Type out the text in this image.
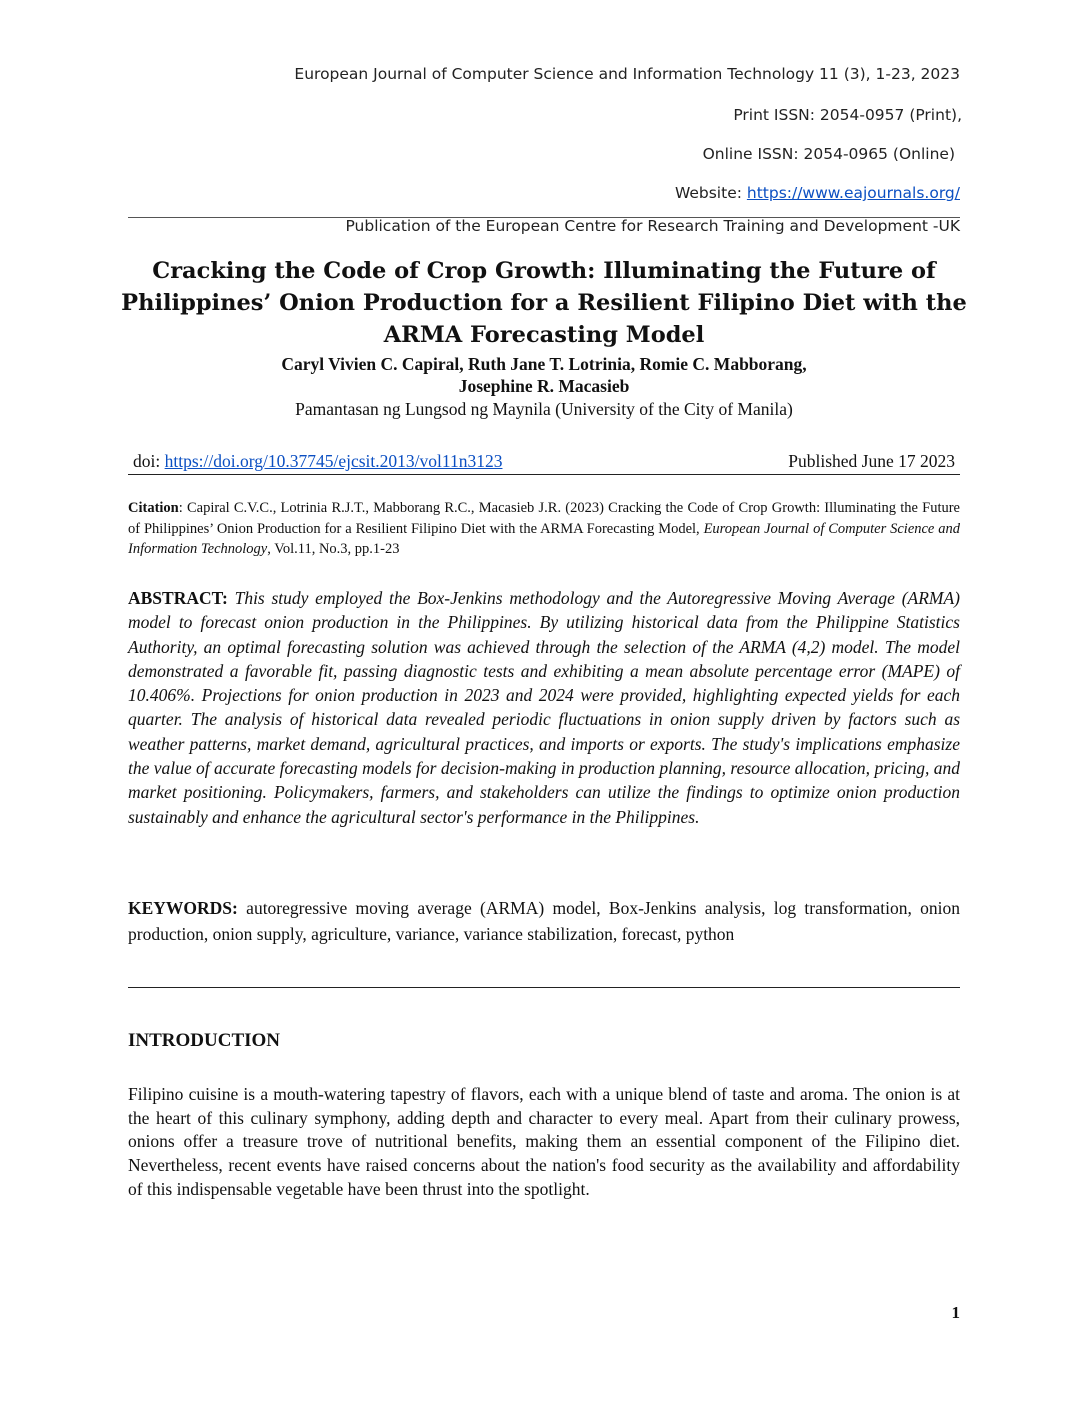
European Journal of Computer Science and Information Technology 11 (3), 1-23, 2023
Print ISSN: 2054-0957 (Print),
Online ISSN: 2054-0965 (Online)
Website: https://www.eajournals.org/
Publication of the European Centre for Research Training and Development -UK
Cracking the Code of Crop Growth: Illuminating the Future of Philippines’ Onion Production for a Resilient Filipino Diet with the ARMA Forecasting Model
Caryl Vivien C. Capiral, Ruth Jane T. Lotrinia, Romie C. Mabborang,
Josephine R. Macasieb
Pamantasan ng Lungsod ng Maynila (University of the City of Manila)
doi: https://doi.org/10.37745/ejcsit.2013/vol11n3123	Published June 17 2023
Citation: Capiral C.V.C., Lotrinia R.J.T., Mabborang R.C., Macasieb J.R. (2023) Cracking the Code of Crop Growth: Illuminating the Future of Philippines’ Onion Production for a Resilient Filipino Diet with the ARMA Forecasting Model, European Journal of Computer Science and Information Technology, Vol.11, No.3, pp.1-23
ABSTRACT: This study employed the Box-Jenkins methodology and the Autoregressive Moving Average (ARMA) model to forecast onion production in the Philippines. By utilizing historical data from the Philippine Statistics Authority, an optimal forecasting solution was achieved through the selection of the ARMA (4,2) model. The model demonstrated a favorable fit, passing diagnostic tests and exhibiting a mean absolute percentage error (MAPE) of 10.406%. Projections for onion production in 2023 and 2024 were provided, highlighting expected yields for each quarter. The analysis of historical data revealed periodic fluctuations in onion supply driven by factors such as weather patterns, market demand, agricultural practices, and imports or exports. The study's implications emphasize the value of accurate forecasting models for decision-making in production planning, resource allocation, pricing, and market positioning. Policymakers, farmers, and stakeholders can utilize the findings to optimize onion production sustainably and enhance the agricultural sector's performance in the Philippines.
KEYWORDS: autoregressive moving average (ARMA) model, Box-Jenkins analysis, log transformation, onion production, onion supply, agriculture, variance, variance stabilization, forecast, python
INTRODUCTION
Filipino cuisine is a mouth-watering tapestry of flavors, each with a unique blend of taste and aroma. The onion is at the heart of this culinary symphony, adding depth and character to every meal. Apart from their culinary prowess, onions offer a treasure trove of nutritional benefits, making them an essential component of the Filipino diet. Nevertheless, recent events have raised concerns about the nation's food security as the availability and affordability of this indispensable vegetable have been thrust into the spotlight.
1
